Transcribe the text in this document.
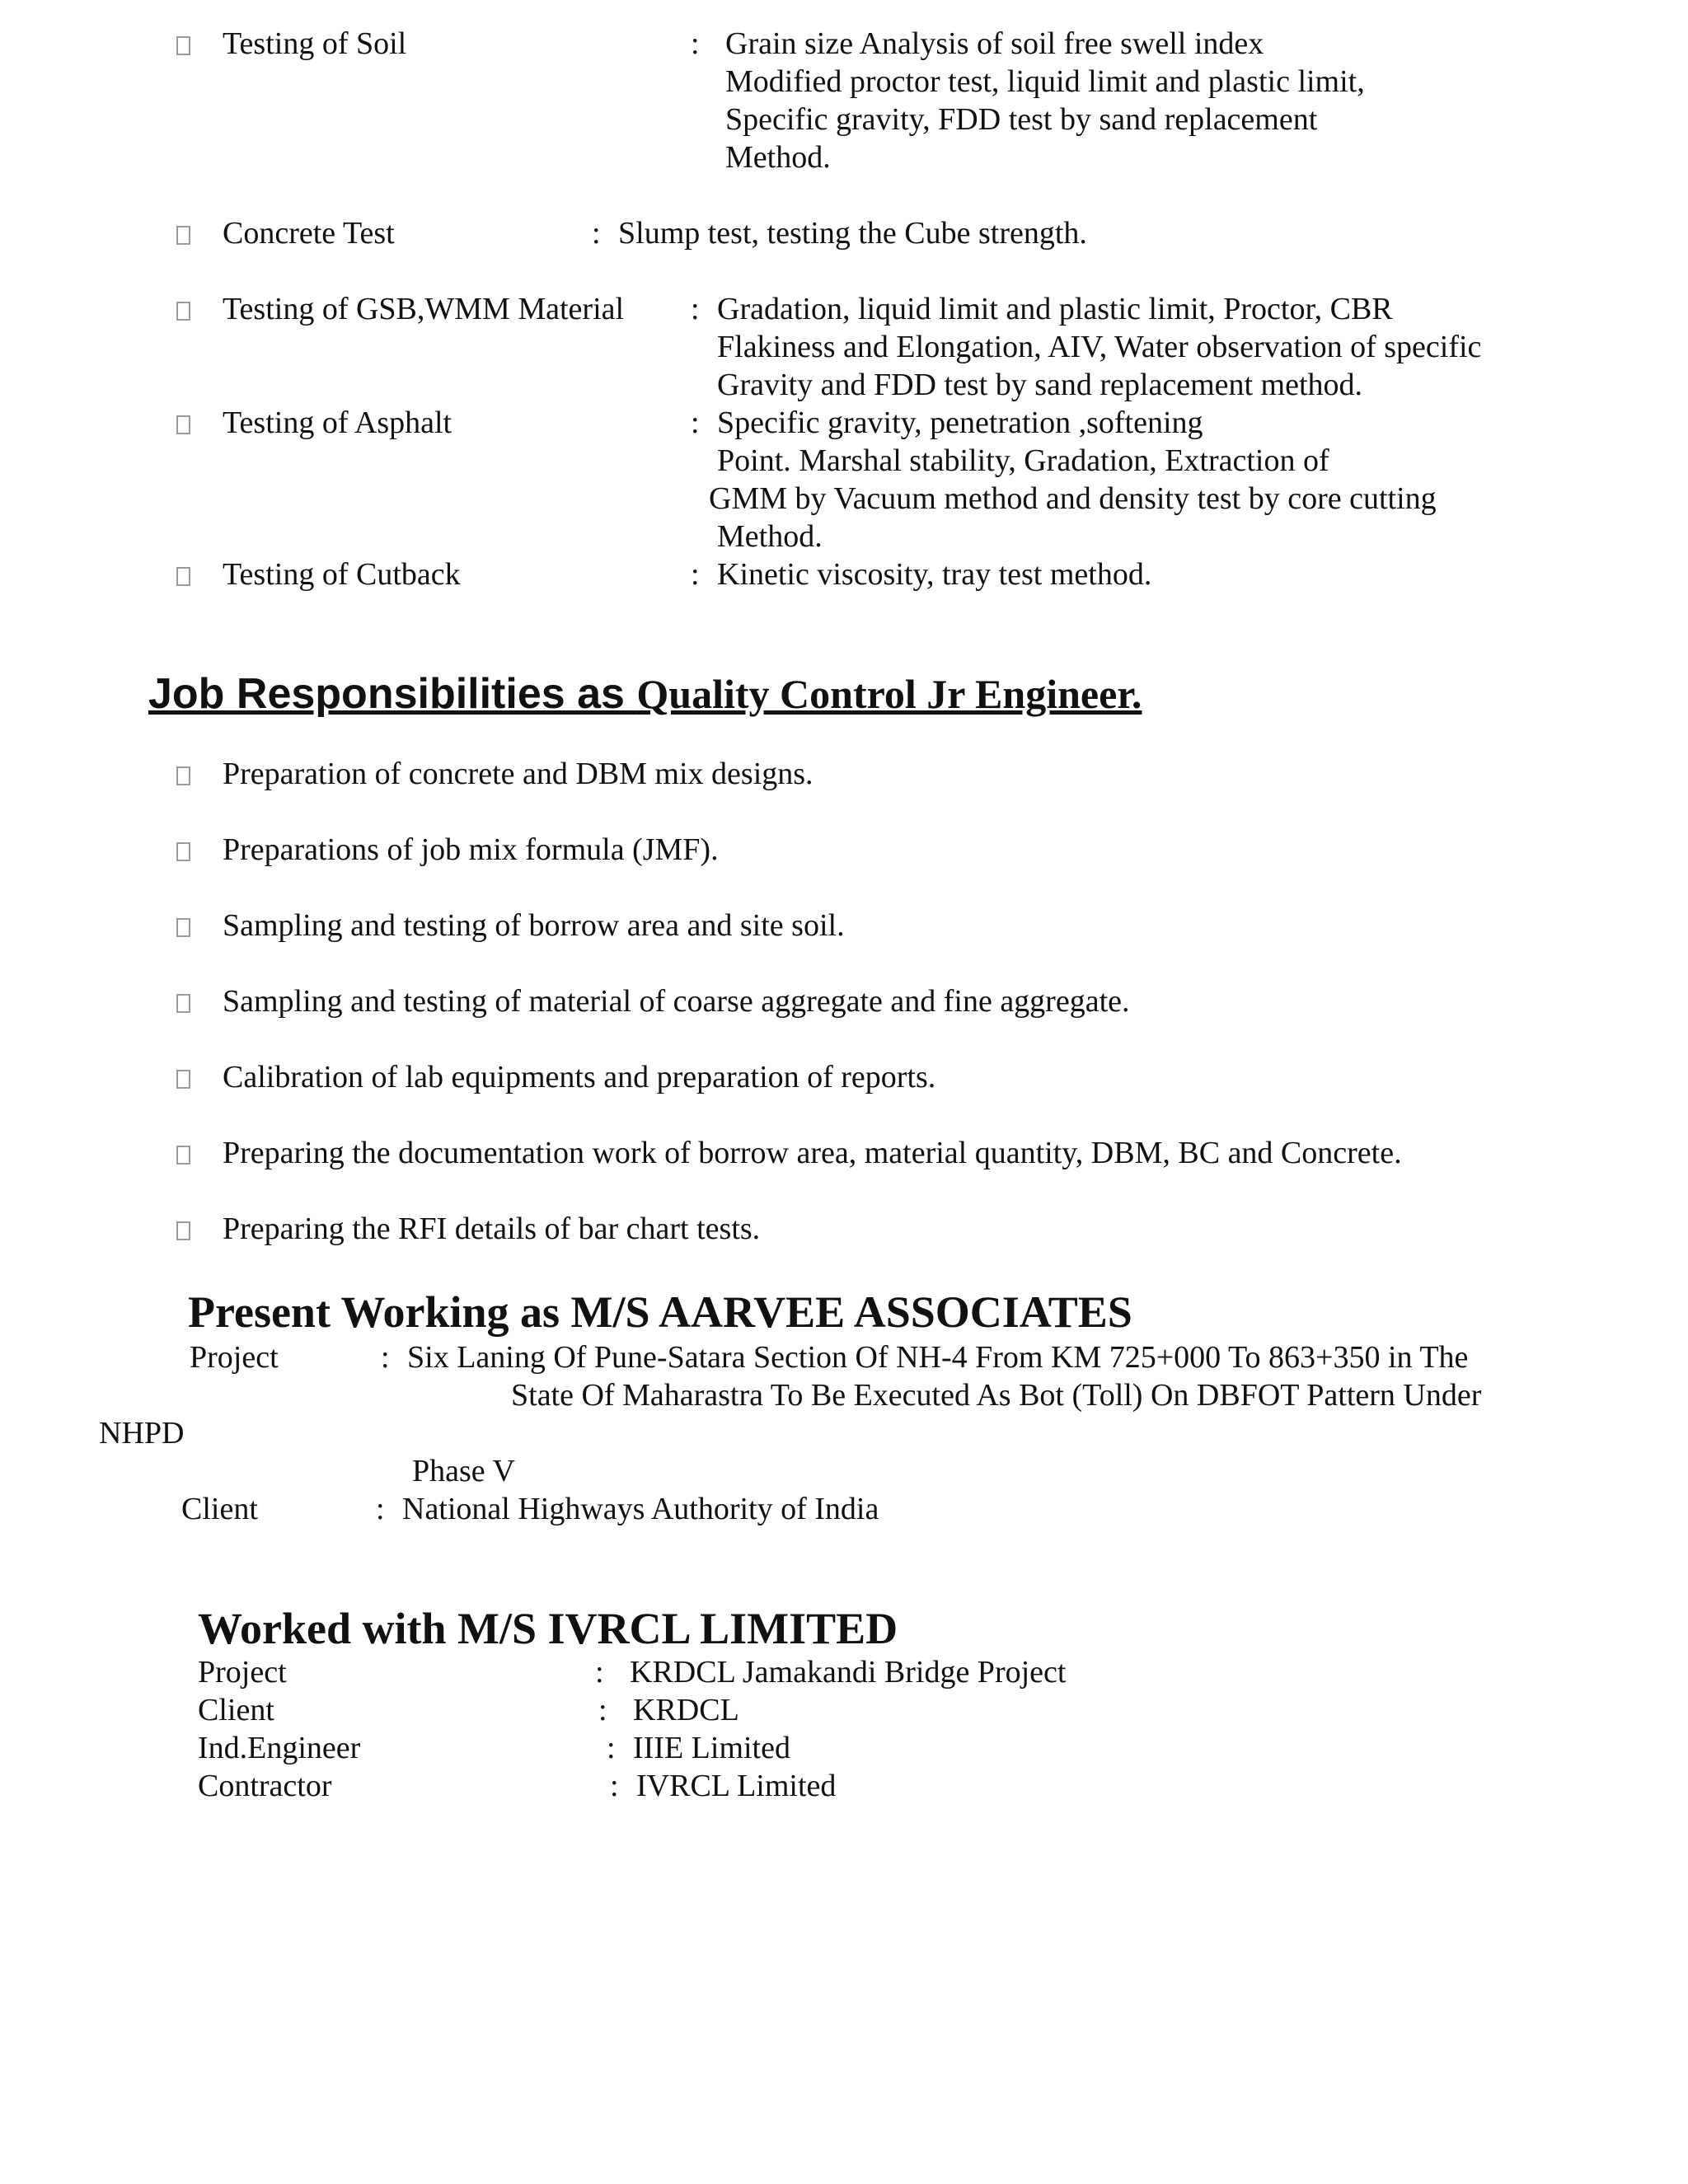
Testing of Soil	: Grain size Analysis of soil free swell index
Modified proctor test, liquid limit and plastic limit,
Specific gravity, FDD test by sand replacement
Method.
Concrete Test	: Slump test, testing the Cube strength.
Testing of GSB,WMM Material : Gradation, liquid limit and plastic limit, Proctor, CBR
Flakiness and Elongation, AIV, Water observation of specific
Gravity and FDD test by sand replacement method.
Testing of Asphalt	: Specific gravity, penetration ,softening
Point. Marshal stability, Gradation, Extraction of
GMM by Vacuum method and density test by core cutting
Method.
Testing of Cutback	: Kinetic viscosity, tray test method.
Job Responsibilities as Quality Control Jr Engineer.
Preparation of concrete and DBM mix designs.
Preparations of job mix formula (JMF).
Sampling and testing of borrow area and site soil.
Sampling and testing of material of coarse aggregate and fine aggregate.
Calibration of lab equipments and preparation of reports.
Preparing the documentation work of borrow area, material quantity, DBM, BC and Concrete.
Preparing the RFI details of bar chart tests.
Present Working as M/S AARVEE ASSOCIATES
Project	: Six Laning Of Pune-Satara Section Of NH-4 From KM 725+000 To 863+350 in The
State Of Maharastra To Be Executed As Bot (Toll) On DBFOT Pattern Under
NHPD
Phase V
Client	: National Highways Authority of India
Worked with M/S IVRCL LIMITED
Project	: KRDCL Jamakandi Bridge Project
Client	: KRDCL
Ind.Engineer	: IIIE Limited
Contractor	: IVRCL Limited
